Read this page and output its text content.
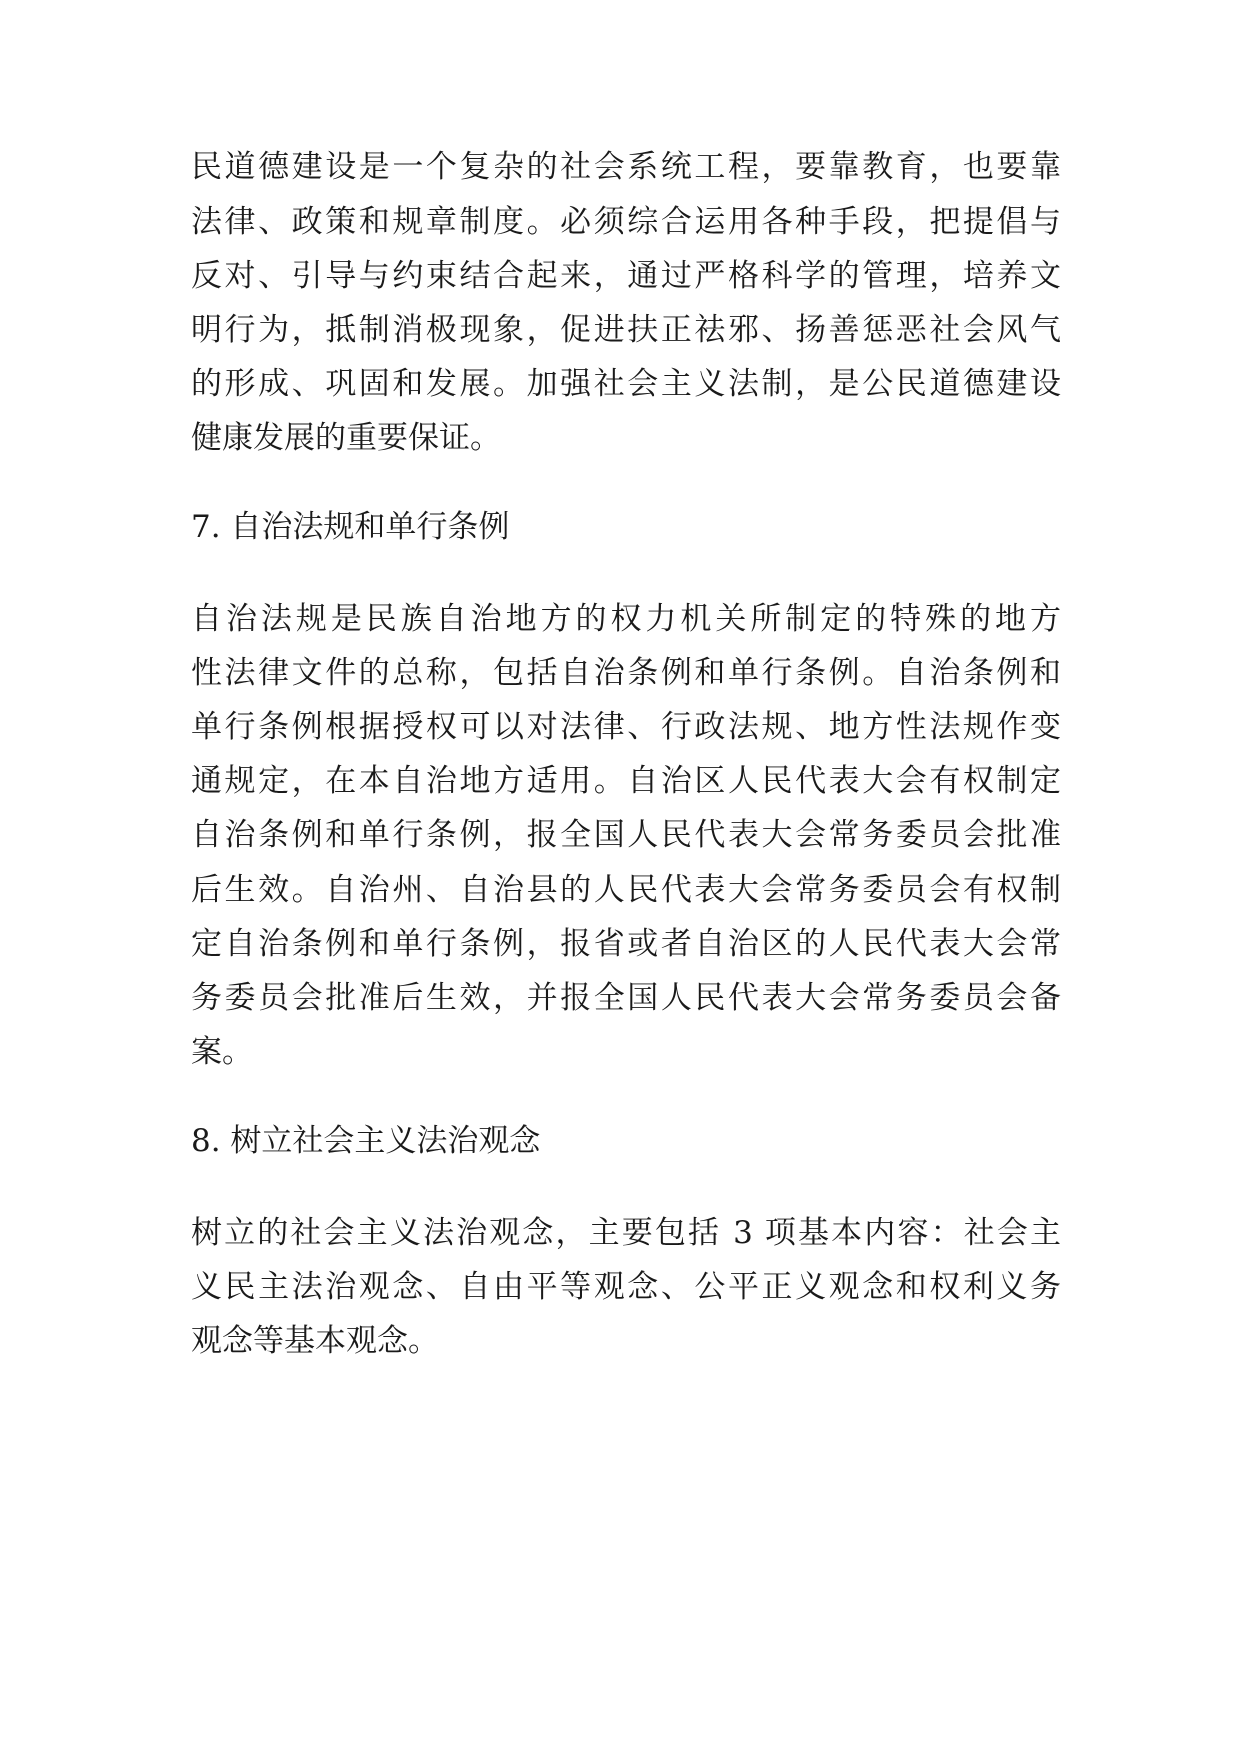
民道德建设是一个复杂的社会系统工程，要靠教育，也要靠
法律、政策和规章制度。必须综合运用各种手段，把提倡与
反对、引导与约束结合起来，通过严格科学的管理，培养文
明行为，抵制消极现象，促进扶正祛邪、扬善惩恶社会风气
的形成、巩固和发展。加强社会主义法制，是公民道德建设
健康发展的重要保证。
7. 自治法规和单行条例
自治法规是民族自治地方的权力机关所制定的特殊的地方
性法律文件的总称，包括自治条例和单行条例。自治条例和
单行条例根据授权可以对法律、行政法规、地方性法规作变
通规定，在本自治地方适用。自治区人民代表大会有权制定
自治条例和单行条例，报全国人民代表大会常务委员会批准
后生效。自治州、自治县的人民代表大会常务委员会有权制
定自治条例和单行条例，报省或者自治区的人民代表大会常
务委员会批准后生效，并报全国人民代表大会常务委员会备
案。
8. 树立社会主义法治观念
树立的社会主义法治观念，主要包括 3 项基本内容：社会主
义民主法治观念、自由平等观念、公平正义观念和权利义务
观念等基本观念。
